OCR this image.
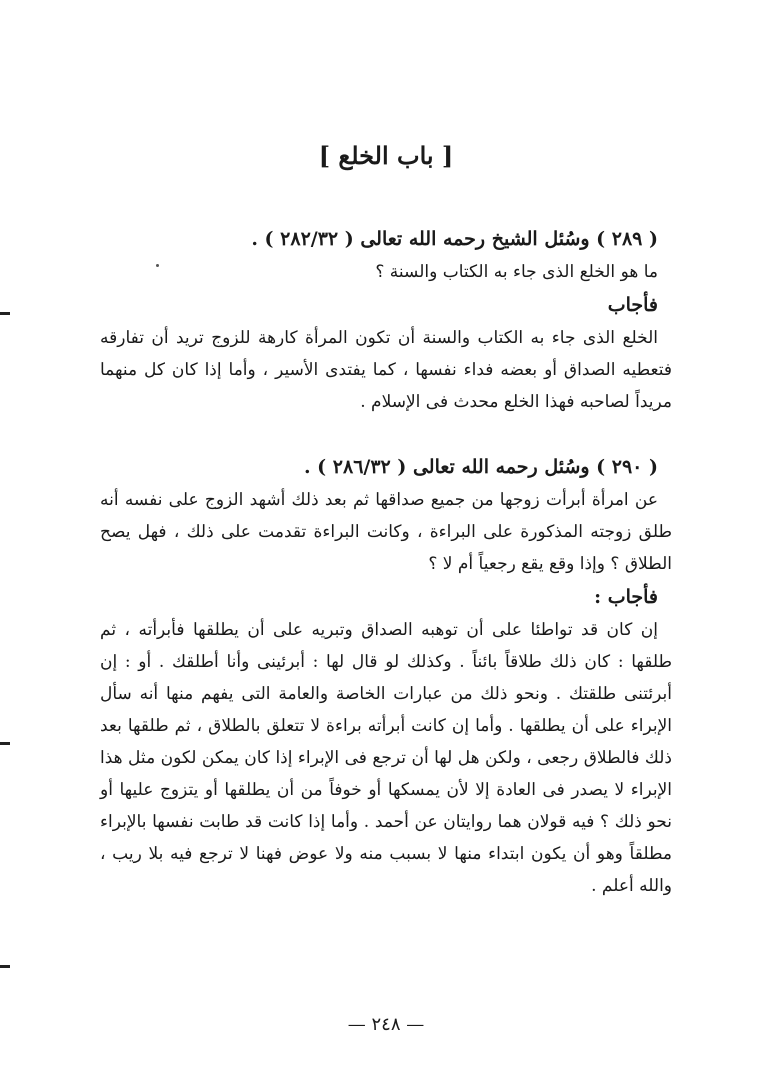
[ باب الخلع ]
( ٢٨٩ ) وسُئل الشيخ رحمه الله تعالى ( ٢٨٢/٣٢ ) .
ما هو الخلع الذى جاء به الكتاب والسنة ؟
فأجاب

الخلع الذى جاء به الكتاب والسنة أن تكون المرأة كارهة للزوج تريد أن تفارقه فتعطيه الصداق أو بعضه فداء نفسها ، كما يفتدى الأسير ، وأما إذا كان كل منهما مريداً لصاحبه فهذا الخلع محدث فى الإسلام .

( ٢٩٠ ) وسُئل رحمه الله تعالى ( ٢٨٦/٣٢ ) .

عن امرأة أبرأت زوجها من جميع صداقها ثم بعد ذلك أشهد الزوج على نفسه أنه طلق زوجته المذكورة على البراءة ، وكانت البراءة تقدمت على ذلك ، فهل يصح الطلاق ؟ وإذا وقع يقع رجعياً أم لا ؟

فأجاب :

إن كان قد تواطئا على أن توهبه الصداق وتبريه على أن يطلقها فأبرأته ، ثم طلقها : كان ذلك طلاقاً بائناً . وكذلك لو قال لها : أبرئينى وأنا أطلقك . أو : إن أبرئتنى طلقتك . ونحو ذلك من عبارات الخاصة والعامة التى يفهم منها أنه سأل الإبراء على أن يطلقها . وأما إن كانت أبرأته براءة لا تتعلق بالطلاق ، ثم طلقها بعد ذلك فالطلاق رجعى ، ولكن هل لها أن ترجع فى الإبراء إذا كان يمكن لكون مثل هذا الإبراء لا يصدر فى العادة إلا لأن يمسكها أو خوفاً من أن يطلقها أو يتزوج عليها أو نحو ذلك ؟ فيه قولان هما روايتان عن أحمد . وأما إذا كانت قد طابت نفسها بالإبراء مطلقاً وهو أن يكون ابتداء منها لا بسبب منه ولا عوض فهنا لا ترجع فيه بلا ريب ، والله أعلم .

— ٢٤٨ —
